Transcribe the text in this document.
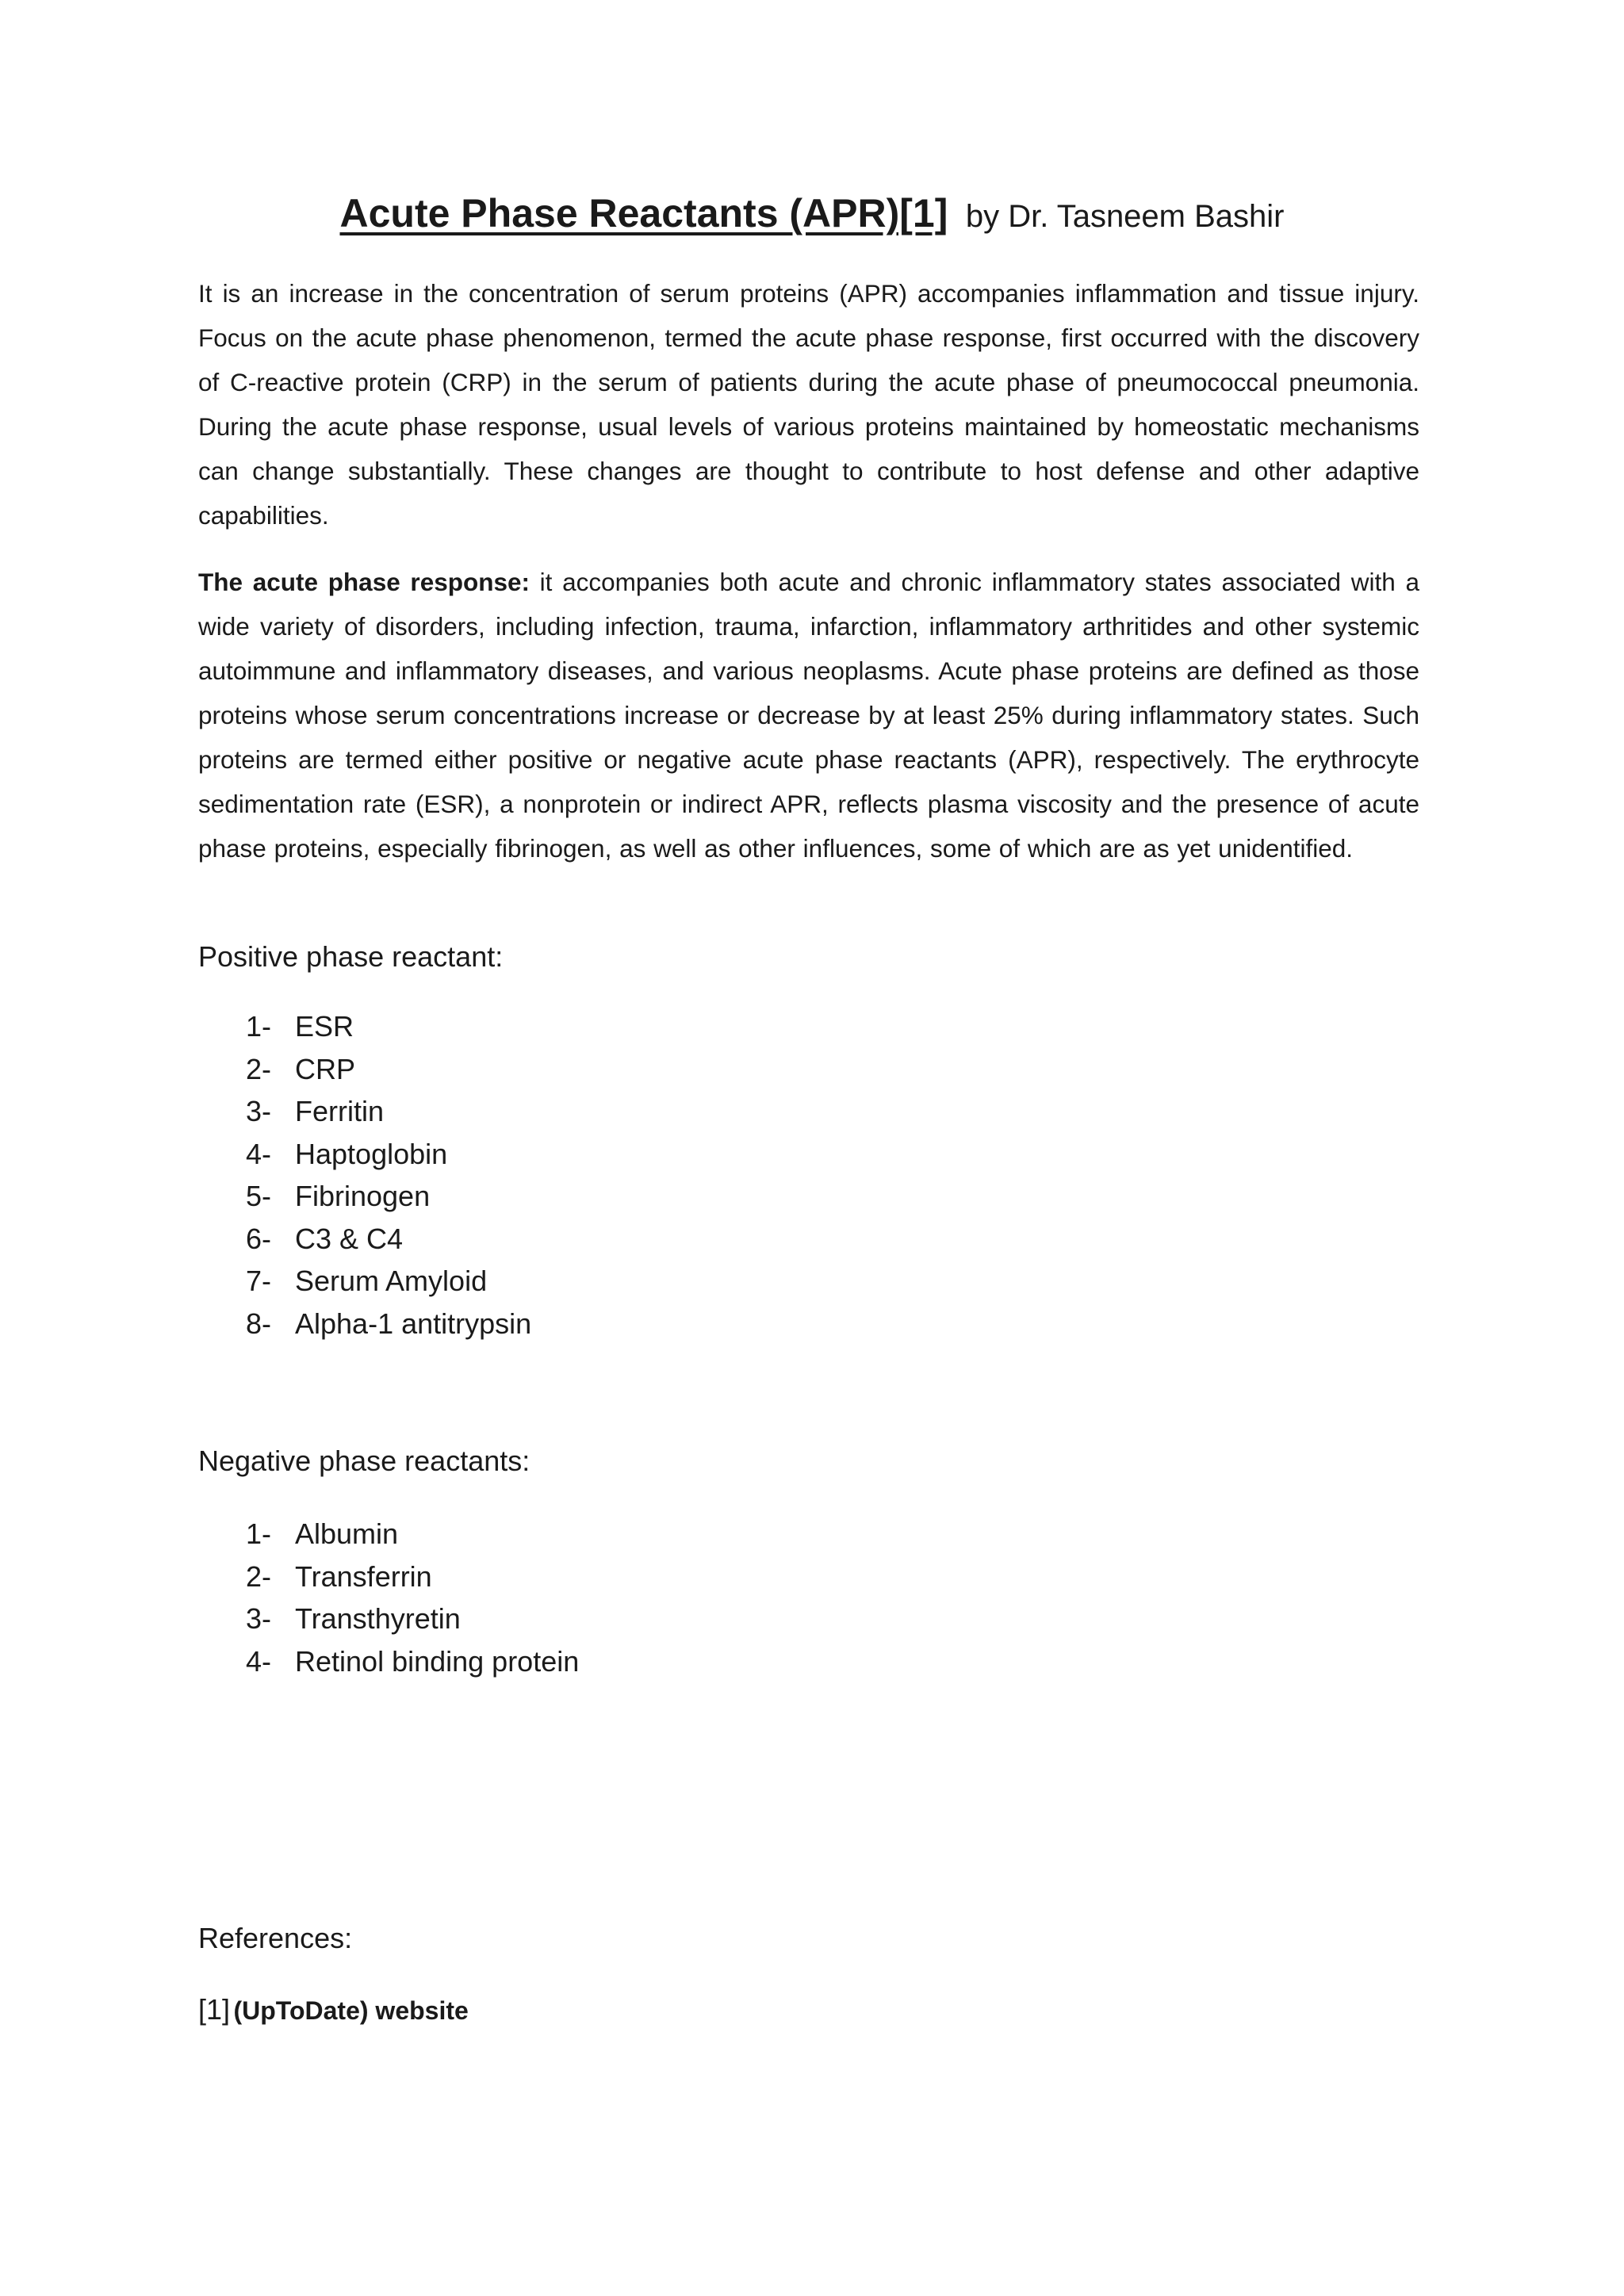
Acute Phase Reactants (APR)[1] by Dr. Tasneem Bashir

It is an increase in the concentration of serum proteins (APR) accompanies inflammation and tissue injury. Focus on the acute phase phenomenon, termed the acute phase response, first occurred with the discovery of C-reactive protein (CRP) in the serum of patients during the acute phase of pneumococcal pneumonia. During the acute phase response, usual levels of various proteins maintained by homeostatic mechanisms can change substantially. These changes are thought to contribute to host defense and other adaptive capabilities.

The acute phase response: it accompanies both acute and chronic inflammatory states associated with a wide variety of disorders, including infection, trauma, infarction, inflammatory arthritides and other systemic autoimmune and inflammatory diseases, and various neoplasms. Acute phase proteins are defined as those proteins whose serum concentrations increase or decrease by at least 25% during inflammatory states. Such proteins are termed either positive or negative acute phase reactants (APR), respectively. The erythrocyte sedimentation rate (ESR), a nonprotein or indirect APR, reflects plasma viscosity and the presence of acute phase proteins, especially fibrinogen, as well as other influences, some of which are as yet unidentified.

Positive phase reactant:

1- ESR
2- CRP
3- Ferritin
4- Haptoglobin
5- Fibrinogen
6- C3 & C4
7- Serum Amyloid
8- Alpha-1 antitrypsin

Negative phase reactants:

1- Albumin
2- Transferrin
3- Transthyretin
4- Retinol binding protein

References:

[1] (UpToDate) website
